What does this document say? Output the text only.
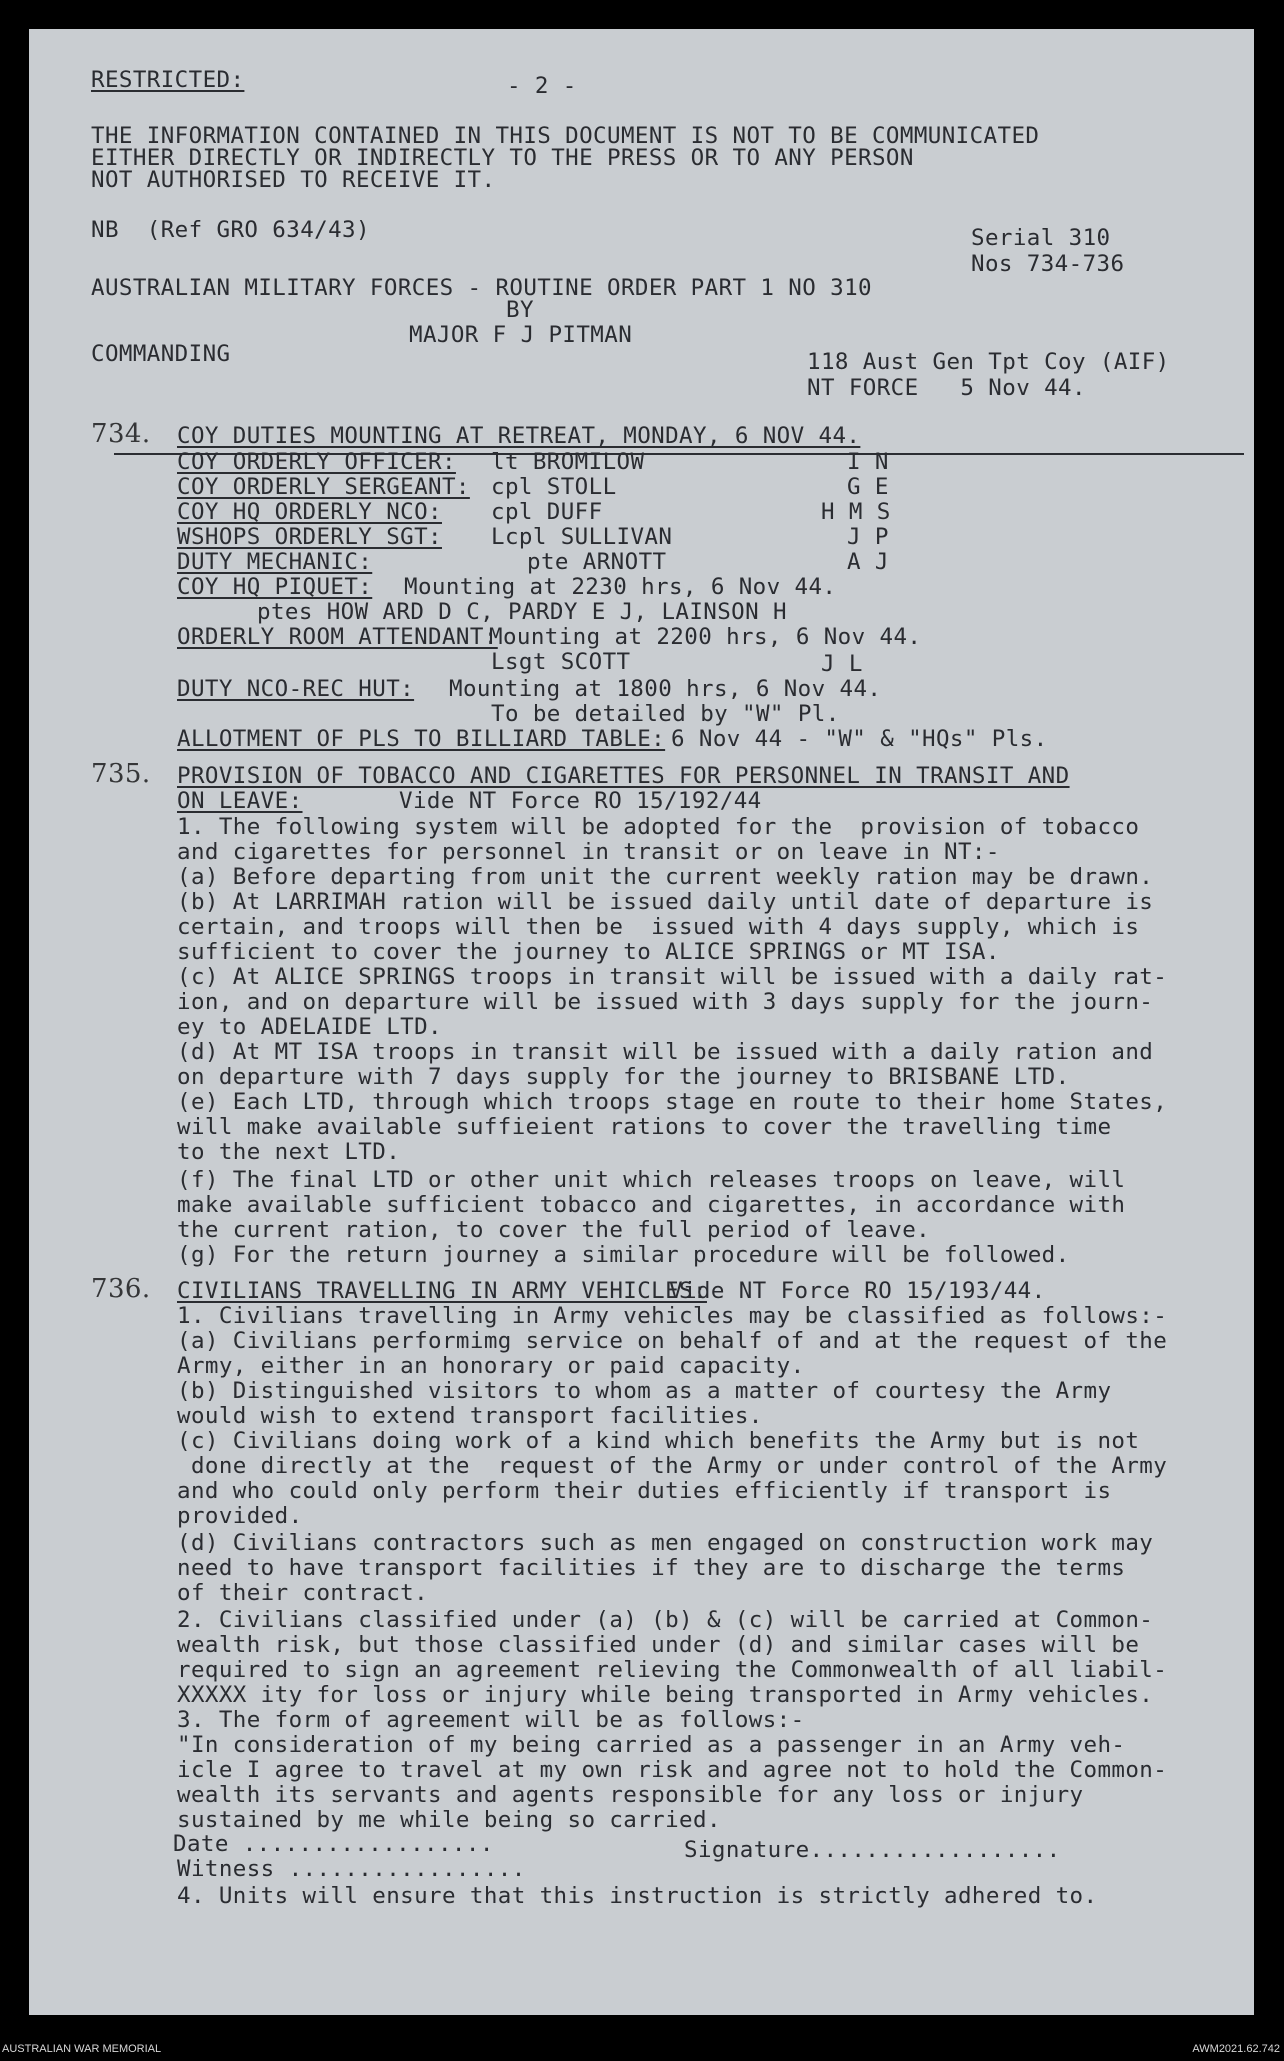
RESTRICTED:	- 2 -
THE INFORMATION CONTAINED IN THIS DOCUMENT IS NOT TO BE COMMUNICATED
EITHER DIRECTLY OR INDIRECTLY TO THE PRESS OR TO ANY PERSON
NOT AUTHORISED TO RECEIVE IT.
NB  (Ref GRO 634/43)	Serial 310
Nos 734-736
AUSTRALIAN MILITARY FORCES - ROUTINE ORDER PART 1 NO 310
BY
MAJOR F J PITMAN
COMMANDING	118 Aust Gen Tpt Coy (AIF)
NT FORCE   5 Nov 44.
734. COY DUTIES MOUNTING AT RETREAT, MONDAY, 6 NOV 44.
COY ORDERLY OFFICER: lt BROMILOW	I N
COY ORDERLY SERGEANT: cpl STOLL	G E
COY HQ ORDERLY NCO: cpl DUFF	H M S
WSHOPS ORDERLY SGT: Lcpl SULLIVAN	J P
DUTY MECHANIC:	pte ARNOTT	A J
COY HQ PIQUET: Mounting at 2230 hrs, 6 Nov 44.
ptes HOW ARD D C, PARDY E J, LAINSON H
ORDERLY ROOM ATTENDANT:
Mounting at 2200 hrs, 6 Nov 44.
Lsgt SCOTT	J L
DUTY NCO-REC HUT: Mounting at 1800 hrs, 6 Nov 44.
To be detailed by "W" Pl.
ALLOTMENT OF PLS TO BILLIARD TABLE: 6 Nov 44 - "W" & "HQs" Pls.
735. PROVISION OF TOBACCO AND CIGARETTES FOR PERSONNEL IN TRANSIT AND
ON LEAVE:	Vide NT Force RO 15/192/44
1. The following system will be adopted for the  provision of tobacco
and cigarettes for personnel in transit or on leave in NT:-
(a) Before departing from unit the current weekly ration may be drawn.
(b) At LARRIMAH ration will be issued daily until date of departure is
certain, and troops will then be  issued with 4 days supply, which is
sufficient to cover the journey to ALICE SPRINGS or MT ISA.
(c) At ALICE SPRINGS troops in transit will be issued with a daily rat-
ion, and on departure will be issued with 3 days supply for the journ-
ey to ADELAIDE LTD.
(d) At MT ISA troops in transit will be issued with a daily ration and
on departure with 7 days supply for the journey to BRISBANE LTD.
(e) Each LTD, through which troops stage en route to their home States,
will make available suffieient rations to cover the travelling time
to the next LTD.
(f) The final LTD or other unit which releases troops on leave, will
make available sufficient tobacco and cigarettes, in accordance with
the current ration, to cover the full period of leave.
(g) For the return journey a similar procedure will be followed.
736. CIVILIANS TRAVELLING IN ARMY VEHICLES:
Vide NT Force RO 15/193/44.
1. Civilians travelling in Army vehicles may be classified as follows:-
(a) Civilians performimg service on behalf of and at the request of the
Army, either in an honorary or paid capacity.
(b) Distinguished visitors to whom as a matter of courtesy the Army
would wish to extend transport facilities.
(c) Civilians doing work of a kind which benefits the Army but is not
done directly at the  request of the Army or under control of the Army
and who could only perform their duties efficiently if transport is
provided.
(d) Civilians contractors such as men engaged on construction work may
need to have transport facilities if they are to discharge the terms
of their contract.
2. Civilians classified under (a) (b) & (c) will be carried at Common-
wealth risk, but those classified under (d) and similar cases will be
required to sign an agreement relieving the Commonwealth of all liabil-
XXXXX ity for loss or injury while being transported in Army vehicles.
3. The form of agreement will be as follows:-
"In consideration of my being carried as a passenger in an Army veh-
icle I agree to travel at my own risk and agree not to hold the Common-
wealth its servants and agents responsible for any loss or injury
sustained by me while being so carried.
Date ..................	Signature..................
Witness .................
4. Units will ensure that this instruction is strictly adhered to.
AUSTRALIAN WAR MEMORIAL	AWM2021.62.742
